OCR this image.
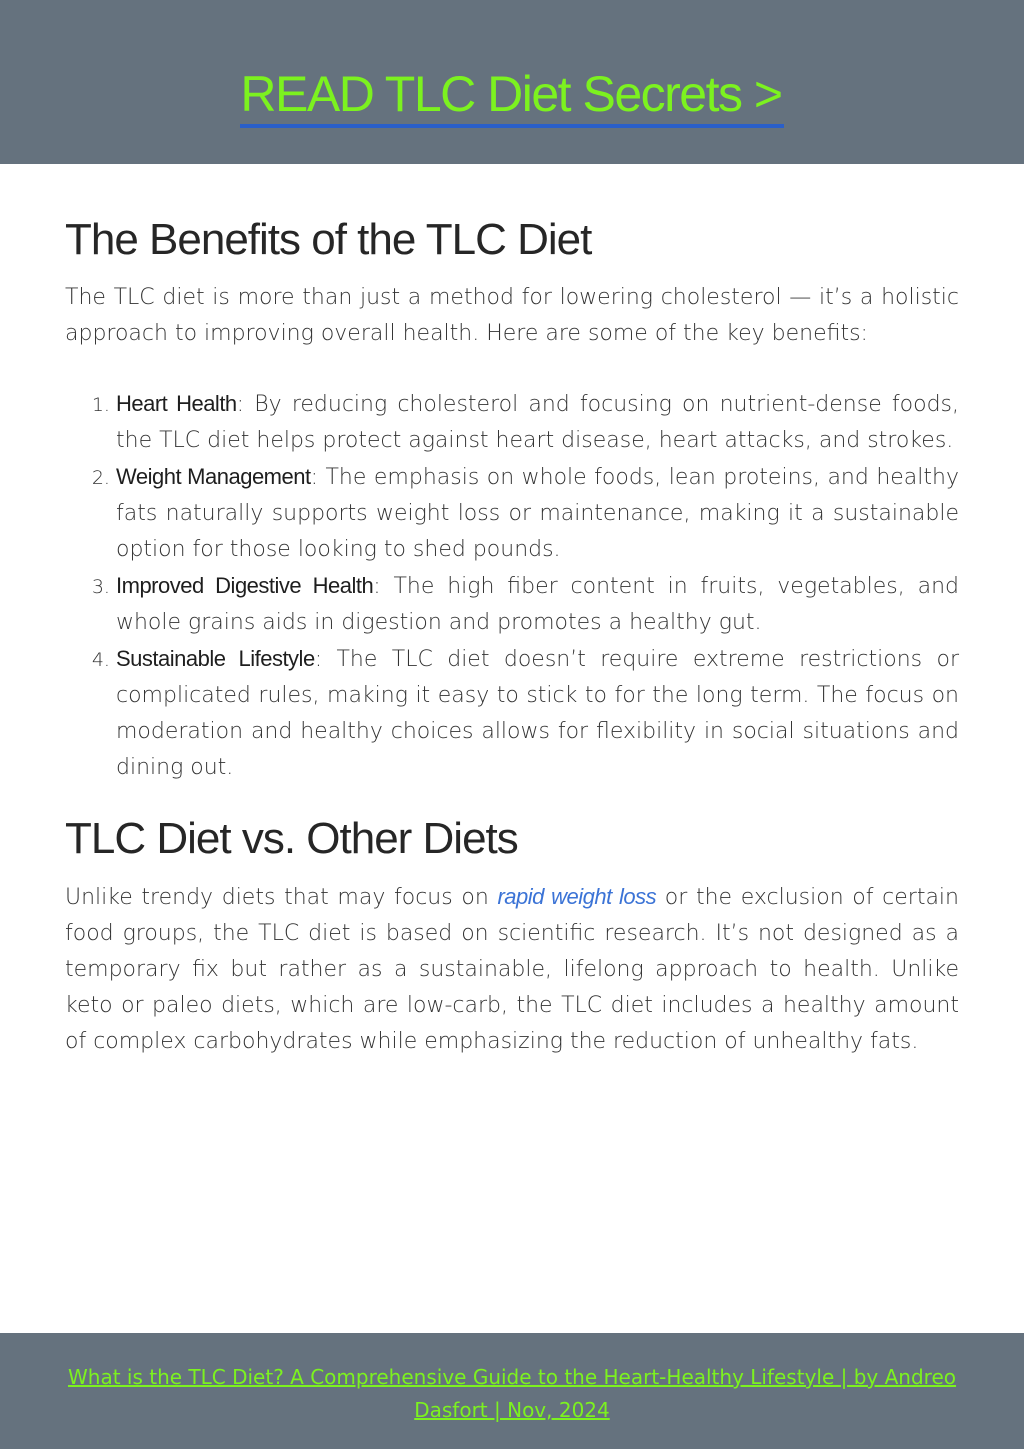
READ TLC Diet Secrets >
The Benefits of the TLC Diet

The TLC diet is more than just a method for lowering cholesterol — it’s a holistic approach to improving overall health. Here are some of the key benefits:

1. Heart Health: By reducing cholesterol and focusing on nutrient-dense foods, the TLC diet helps protect against heart disease, heart attacks, and strokes.
2. Weight Management: The emphasis on whole foods, lean proteins, and healthy fats naturally supports weight loss or maintenance, making it a sustainable option for those looking to shed pounds.
3. Improved Digestive Health: The high fiber content in fruits, vegetables, and whole grains aids in digestion and promotes a healthy gut.
4. Sustainable Lifestyle: The TLC diet doesn’t require extreme restrictions or complicated rules, making it easy to stick to for the long term. The focus on moderation and healthy choices allows for flexibility in social situations and dining out.
TLC Diet vs. Other Diets

Unlike trendy diets that may focus on rapid weight loss or the exclusion of certain food groups, the TLC diet is based on scientific research. It’s not designed as a temporary fix but rather as a sustainable, lifelong approach to health. Unlike keto or paleo diets, which are low-carb, the TLC diet includes a healthy amount of complex carbohydrates while emphasizing the reduction of unhealthy fats.

What is the TLC Diet? A Comprehensive Guide to the Heart-Healthy Lifestyle | by Andreo Dasfort | Nov, 2024
